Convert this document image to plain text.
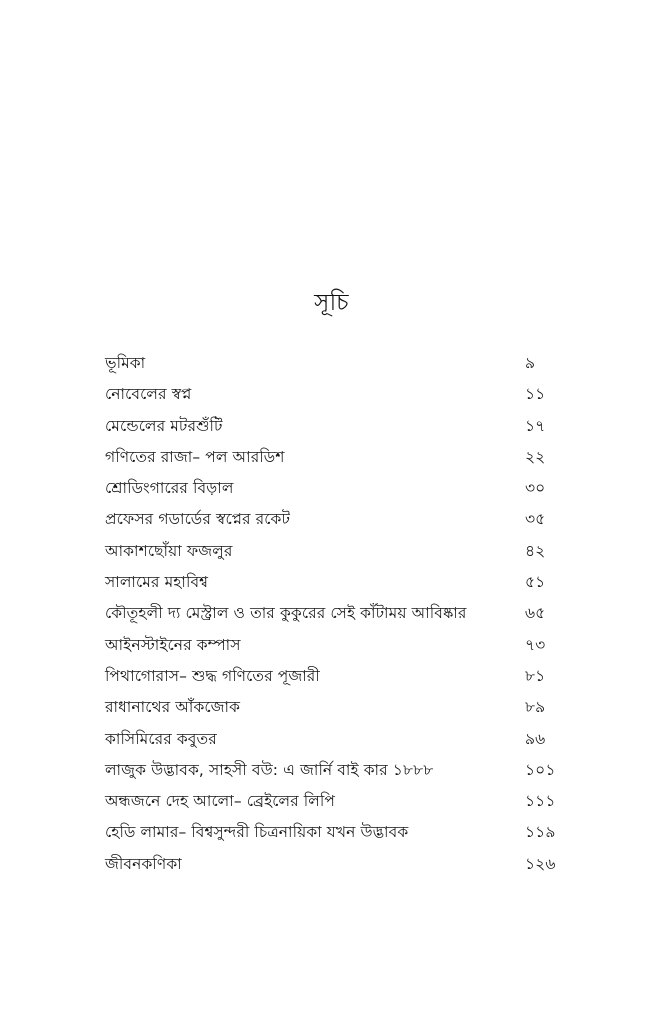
সূচি
ভূমিকা	৯
নোবেলের স্বপ্ন	১১
মেন্ডেলের মটরশুঁটি	১৭
গণিতের রাজা– পল আরডিশ	২২
শ্রোডিংগারের বিড়াল	৩০
প্রফেসর গডার্ডের স্বপ্নের রকেট	৩৫
আকাশছোঁয়া ফজলুর	৪২
সালামের মহাবিশ্ব	৫১
কৌতূহলী দ্য মেস্ট্রাল ও তার কুকুরের সেই কাঁটাময় আবিষ্কার	৬৫
আইনস্টাইনের কম্পাস	৭৩
পিথাগোরাস– শুদ্ধ গণিতের পূজারী	৮১
রাধানাথের আঁকজোক	৮৯
কাসিমিরের কবুতর	৯৬
লাজুক উদ্ভাবক, সাহসী বউ: এ জার্নি বাই কার ১৮৮৮	১০১
অন্ধজনে দেহ আলো– ব্রেইলের লিপি	১১১
হেডি লামার– বিশ্বসুন্দরী চিত্রনায়িকা যখন উদ্ভাবক	১১৯
জীবনকণিকা	১২৬
